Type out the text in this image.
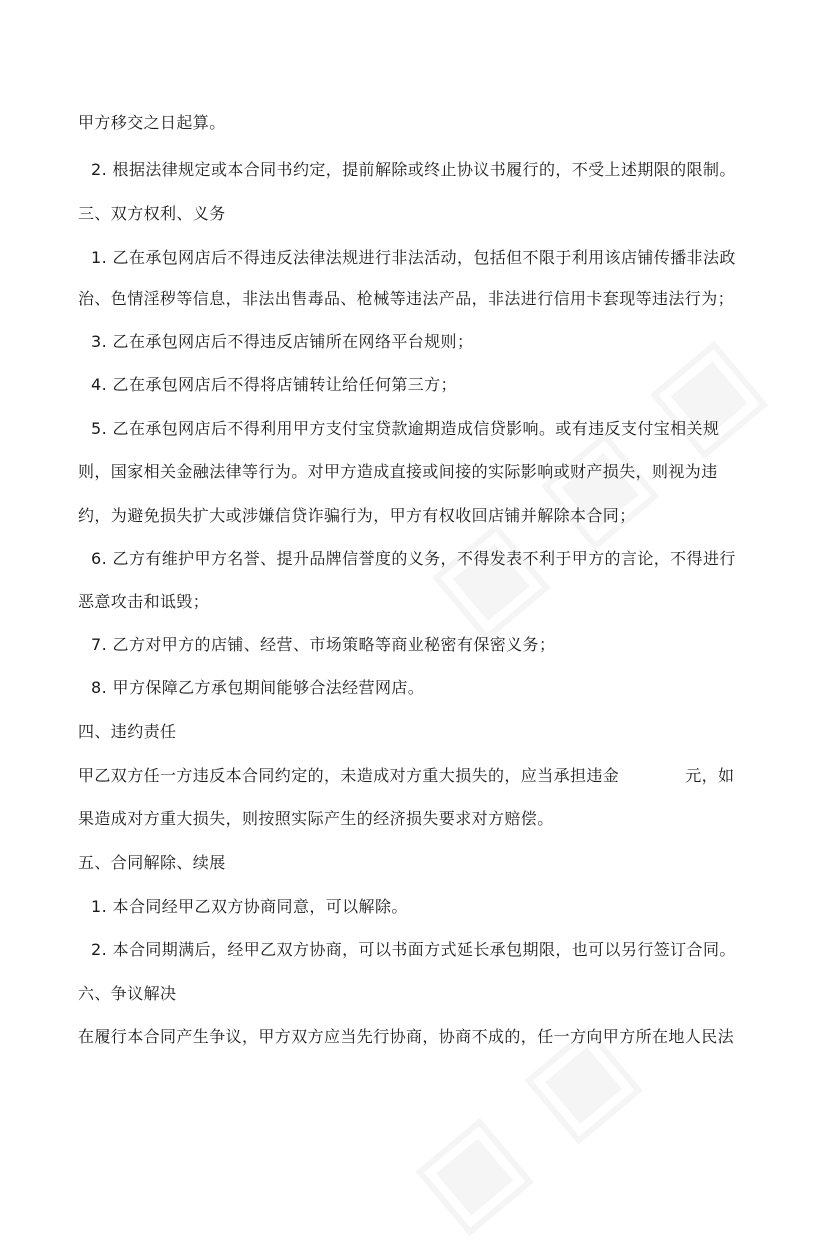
甲方移交之日起算。
2. 根据法律规定或本合同书约定，提前解除或终止协议书履行的，不受上述期限的限制。
三、双方权利、义务
1. 乙在承包网店后不得违反法律法规进行非法活动，包括但不限于利用该店铺传播非法政
治、色情淫秽等信息，非法出售毒品、枪械等违法产品，非法进行信用卡套现等违法行为；
3. 乙在承包网店后不得违反店铺所在网络平台规则；
4. 乙在承包网店后不得将店铺转让给任何第三方；
5. 乙在承包网店后不得利用甲方支付宝贷款逾期造成信贷影响。或有违反支付宝相关规
则，国家相关金融法律等行为。对甲方造成直接或间接的实际影响或财产损失，则视为违
约，为避免损失扩大或涉嫌信贷诈骗行为，甲方有权收回店铺并解除本合同；
6. 乙方有维护甲方名誉、提升品牌信誉度的义务，不得发表不利于甲方的言论，不得进行
恶意攻击和诋毁；
7. 乙方对甲方的店铺、经营、市场策略等商业秘密有保密义务；
8. 甲方保障乙方承包期间能够合法经营网店。
四、违约责任
甲乙双方任一方违反本合同约定的，未造成对方重大损失的，应当承担违金	元，如
果造成对方重大损失，则按照实际产生的经济损失要求对方赔偿。
五、合同解除、续展
1. 本合同经甲乙双方协商同意，可以解除。
2. 本合同期满后，经甲乙双方协商，可以书面方式延长承包期限，也可以另行签订合同。
六、争议解决
在履行本合同产生争议，甲方双方应当先行协商，协商不成的，任一方向甲方所在地人民法
